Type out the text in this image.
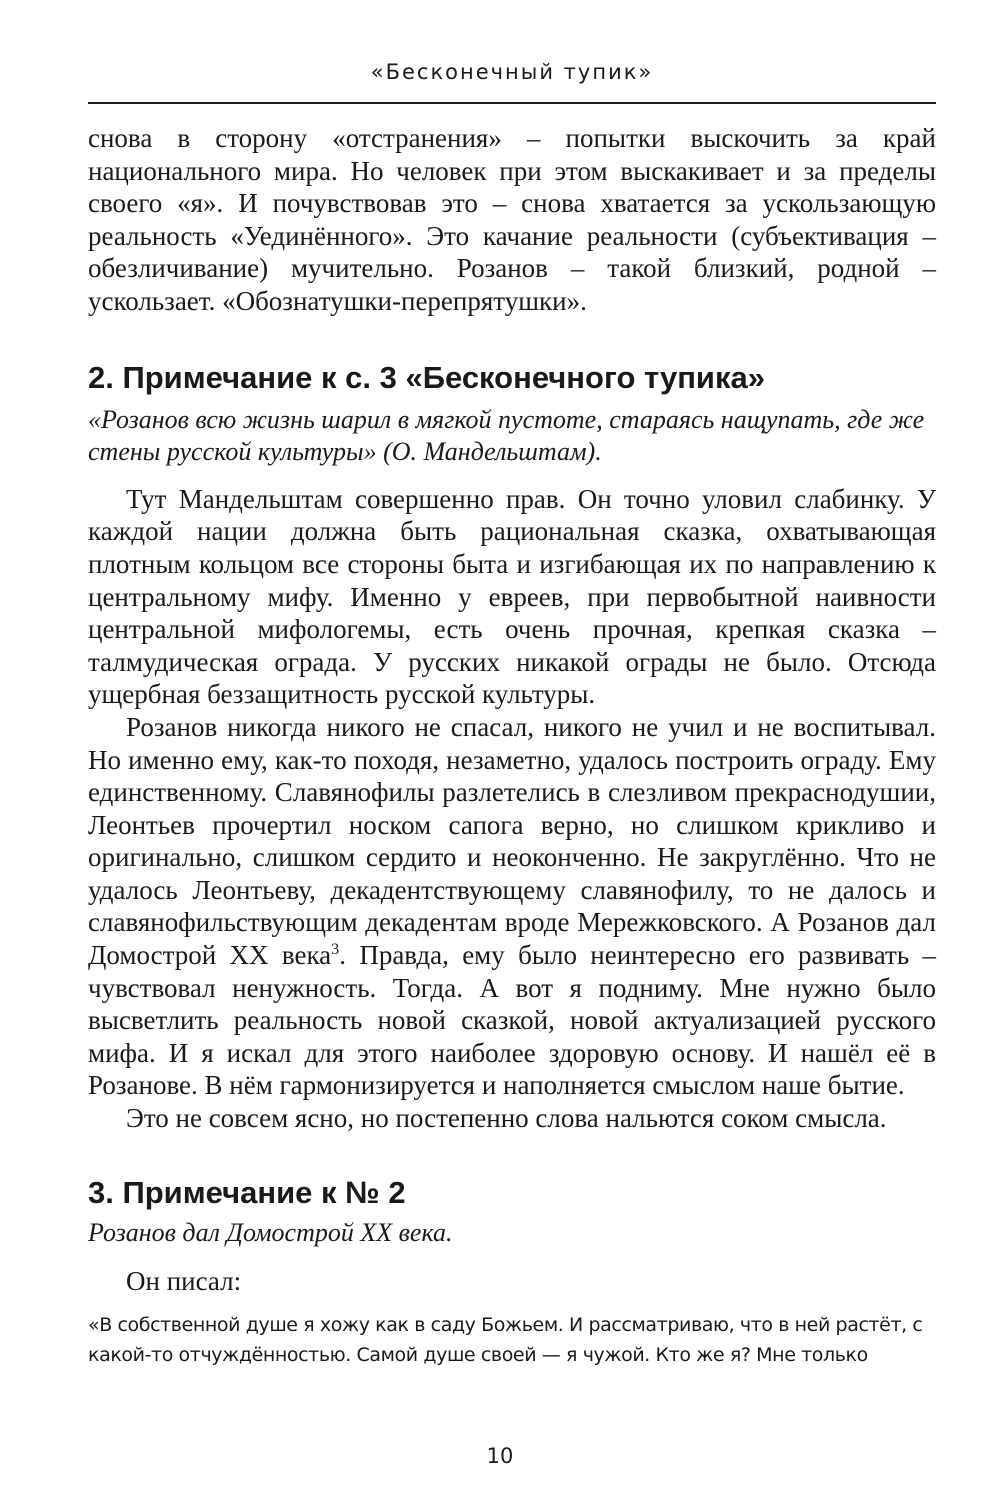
«Бесконечный тупик»

снова в сторону «отстранения» – попытки выскочить за край национального мира. Но человек при этом выскакивает и за пределы своего «я». И почувствовав это – снова хватается за ускользающую реальность «Уединённого». Это качание реальности (субъективация – обезличивание) мучительно. Розанов – такой близкий, родной – ускользает. «Обознатушки-перепрятушки».

2. Примечание к с. 3 «Бесконечного тупика»

«Розанов всю жизнь шарил в мягкой пустоте, стараясь нащупать, где же стены русской культуры» (О. Мандельштам).

Тут Мандельштам совершенно прав. Он точно уловил слабинку. У каждой нации должна быть рациональная сказка, охватывающая плотным кольцом все стороны быта и изгибающая их по направлению к центральному мифу. Именно у евреев, при первобытной наивности центральной мифологемы, есть очень прочная, крепкая сказка – талмудическая ограда. У русских никакой ограды не было. Отсюда ущербная беззащитность русской культуры.

Розанов никогда никого не спасал, никого не учил и не воспитывал. Но именно ему, как-то походя, незаметно, удалось построить ограду. Ему единственному. Славянофилы разлетелись в слезливом прекраснодушии, Леонтьев прочертил носком сапога верно, но слишком крикливо и оригинально, слишком сердито и неоконченно. Не закруглённо. Что не удалось Леонтьеву, декадентствующему славянофилу, то не далось и славянофильствующим декадентам вроде Мережковского. А Розанов дал Домострой XX века$^3$. Правда, ему было неинтересно его развивать – чувствовал ненужность. Тогда. А вот я подниму. Мне нужно было высветлить реальность новой сказкой, новой актуализацией русского мифа. И я искал для этого наиболее здоровую основу. И нашёл её в Розанове. В нём гармонизируется и наполняется смыслом наше бытие.

Это не совсем ясно, но постепенно слова нальются соком смысла.

3. Примечание к № 2

Розанов дал Домострой XX века.

Он писал:

«В собственной душе я хожу как в саду Божьем. И рассматриваю, что в ней растёт, с какой-то отчуждённостью. Самой душе своей — я чужой. Кто же я? Мне только

10
